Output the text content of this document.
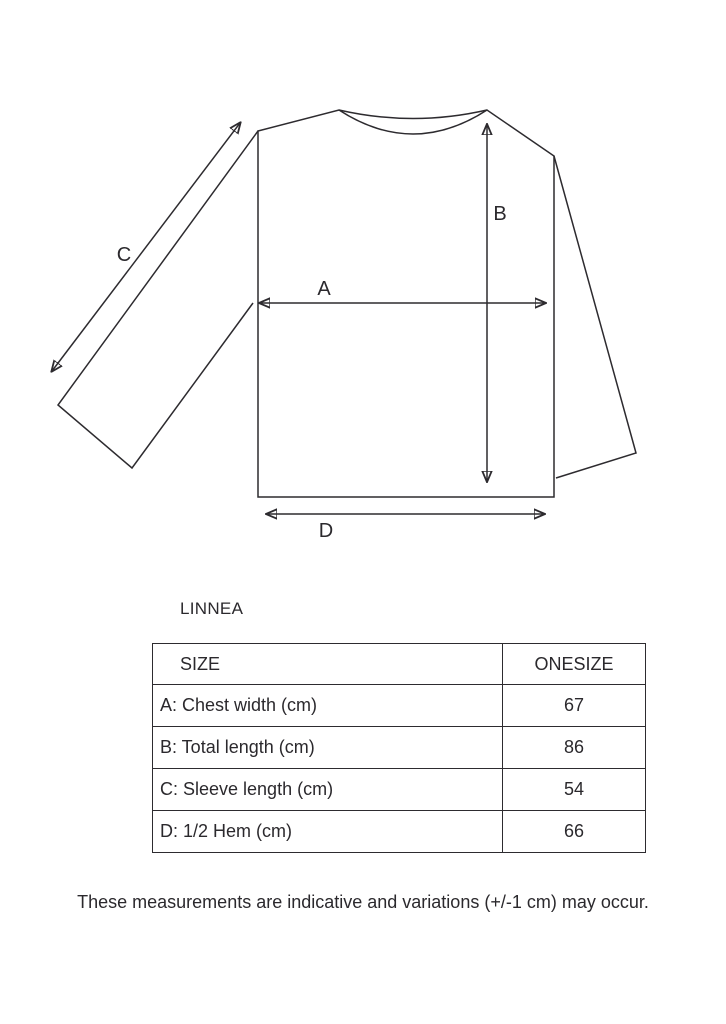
A
B
C
D
LINNEA
SIZE	ONESIZE
A: Chest width (cm)	67
B: Total length (cm)	86
C: Sleeve length (cm)	54
D: 1/2 Hem (cm)	66
These measurements are indicative and variations (+/-1 cm) may occur.
